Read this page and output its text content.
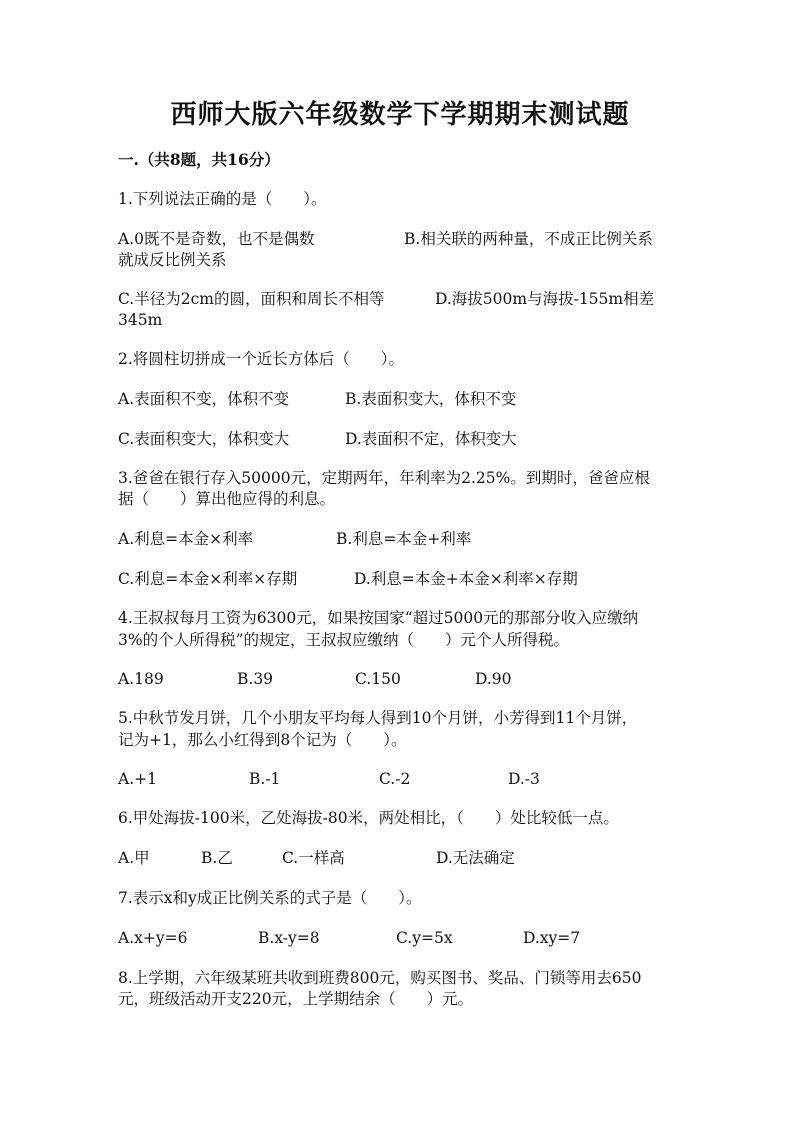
西师大版六年级数学下学期期末测试题
一.（共8题，共16分）
1.下列说法正确的是（　　）。
A.0既不是奇数，也不是偶数	B.相关联的两种量，不成正比例关系
就成反比例关系
C.半径为2cm的圆，面积和周长不相等	D.海拔500m与海拔-155m相差
345m
2.将圆柱切拼成一个近长方体后（　　）。
A.表面积不变，体积不变	B.表面积变大，体积不变
C.表面积变大，体积变大	D.表面积不定，体积变大
3.爸爸在银行存入50000元，定期两年，年利率为2.25%。到期时，爸爸应根
据（　　）算出他应得的利息。
A.利息=本金×利率	B.利息=本金+利率
C.利息=本金×利率×存期	D.利息=本金+本金×利率×存期
4.王叔叔每月工资为6300元，如果按国家“超过5000元的那部分收入应缴纳
3%的个人所得税”的规定，王叔叔应缴纳（　　）元个人所得税。
A.189	B.39	C.150	D.90
5.中秋节发月饼，几个小朋友平均每人得到10个月饼，小芳得到11个月饼，
记为+1，那么小红得到8个记为（　　）。
A.+1	B.-1	C.-2	D.-3
6.甲处海拔-100米，乙处海拔-80米，两处相比，（　　）处比较低一点。
A.甲	B.乙	C.一样高	D.无法确定
7.表示x和y成正比例关系的式子是（　　）。
A.x+y=6	B.x-y=8	C.y=5x	D.xy=7
8.上学期，六年级某班共收到班费800元，购买图书、奖品、门锁等用去650
元，班级活动开支220元，上学期结余（　　）元。
